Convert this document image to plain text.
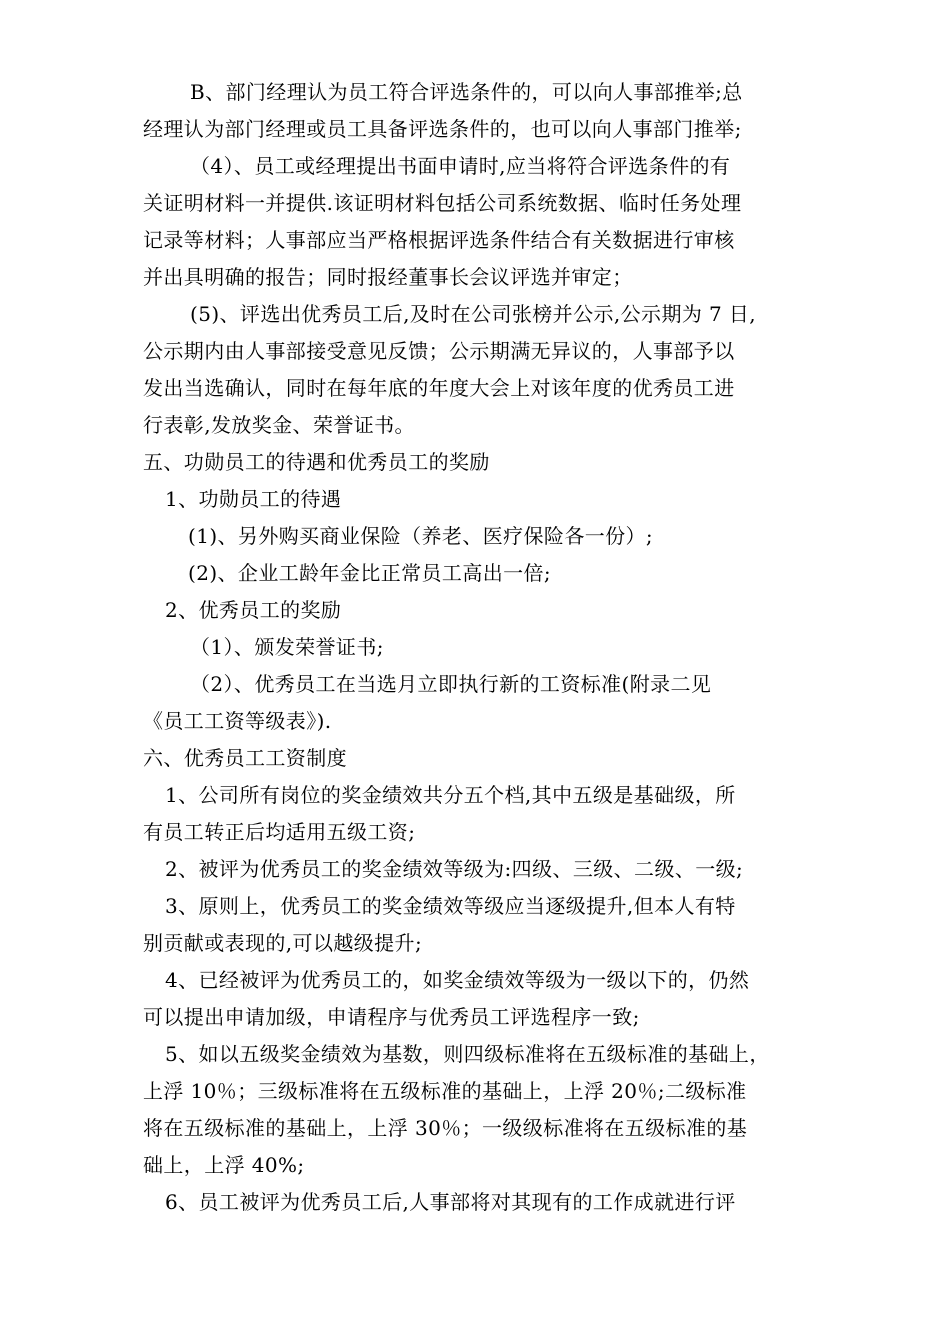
B、部门经理认为员工符合评选条件的，可以向人事部推举;总
经理认为部门经理或员工具备评选条件的，也可以向人事部门推举;
（4）、员工或经理提出书面申请时,应当将符合评选条件的有
关证明材料一并提供.该证明材料包括公司系统数据、临时任务处理
记录等材料；人事部应当严格根据评选条件结合有关数据进行审核
并出具明确的报告；同时报经董事长会议评选并审定；
(5)、评选出优秀员工后,及时在公司张榜并公示,公示期为 7 日,
公示期内由人事部接受意见反馈；公示期满无异议的，人事部予以
发出当选确认，同时在每年底的年度大会上对该年度的优秀员工进
行表彰,发放奖金、荣誉证书。
五、功勋员工的待遇和优秀员工的奖励
1、功勋员工的待遇
(1)、另外购买商业保险（养老、医疗保险各一份）;
(2)、企业工龄年金比正常员工高出一倍;
2、优秀员工的奖励
（1）、颁发荣誉证书;
（2）、优秀员工在当选月立即执行新的工资标准(附录二见
《员工工资等级表》).
六、优秀员工工资制度
1、公司所有岗位的奖金绩效共分五个档,其中五级是基础级，所
有员工转正后均适用五级工资;
2、被评为优秀员工的奖金绩效等级为:四级、三级、二级、一级;
3、原则上，优秀员工的奖金绩效等级应当逐级提升,但本人有特
别贡献或表现的,可以越级提升;
4、已经被评为优秀员工的，如奖金绩效等级为一级以下的，仍然
可以提出申请加级，申请程序与优秀员工评选程序一致;
5、如以五级奖金绩效为基数，则四级标准将在五级标准的基础上，
上浮 10％；三级标准将在五级标准的基础上，上浮 20％;二级标准
将在五级标准的基础上，上浮 30％；一级级标准将在五级标准的基
础上，上浮 40%;
6、员工被评为优秀员工后,人事部将对其现有的工作成就进行评
